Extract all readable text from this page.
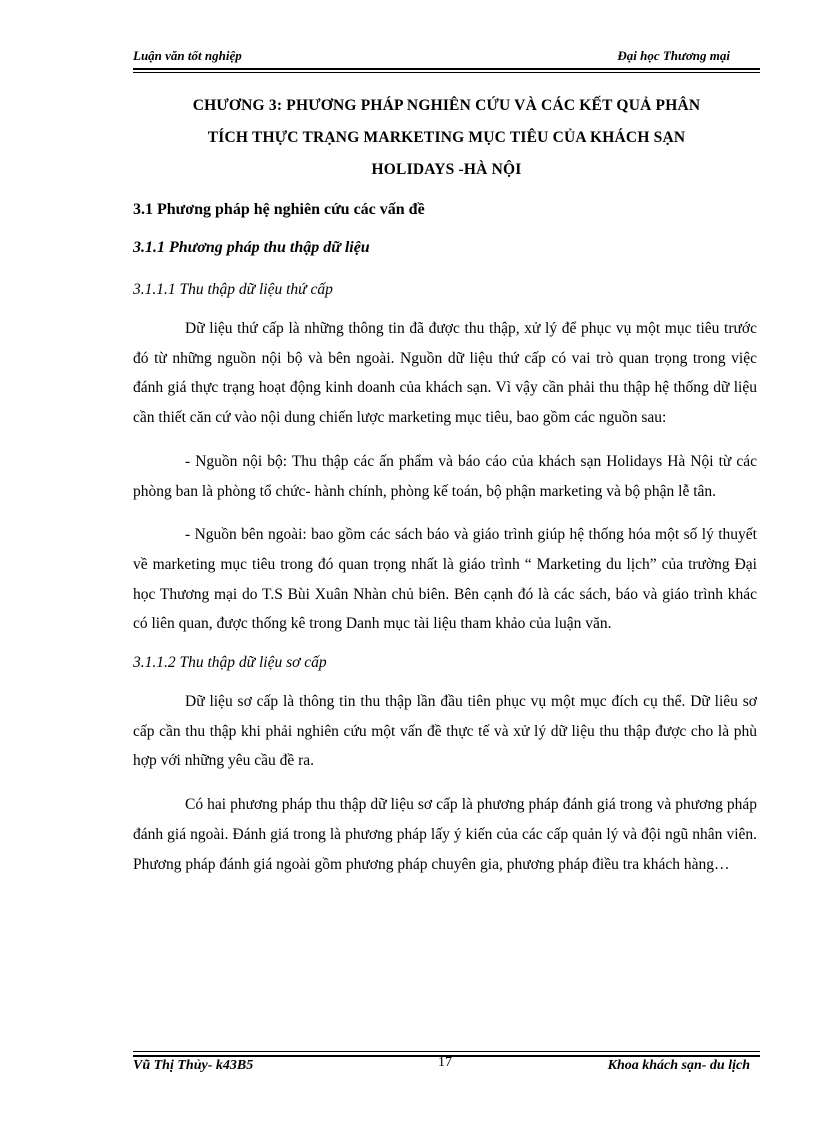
Luận văn tốt nghiệp	Đại học Thương mại
CHƯƠNG 3: PHƯƠNG PHÁP NGHIÊN CỨU VÀ CÁC KẾT QUẢ PHÂN
TÍCH THỰC TRẠNG MARKETING MỤC TIÊU CỦA KHÁCH SẠN
HOLIDAYS -HÀ NỘI
3.1 Phương pháp hệ nghiên cứu các vấn đề
3.1.1 Phương pháp thu thập dữ liệu
3.1.1.1 Thu thập dữ liệu thứ cấp

Dữ liệu thứ cấp là những thông tin đã được thu thập, xử lý để phục vụ một mục tiêu trước đó từ những nguồn nội bộ và bên ngoài. Nguồn dữ liệu thứ cấp có vai trò quan trọng trong việc đánh giá thực trạng hoạt động kinh doanh của khách sạn. Vì vậy cần phải thu thập hệ thống dữ liệu cần thiết căn cứ vào nội dung chiến lược marketing mục tiêu, bao gồm các nguồn sau:

- Nguồn nội bộ: Thu thập các ấn phẩm và báo cáo của khách sạn Holidays Hà Nội từ các phòng ban là phòng tổ chức- hành chính, phòng kế toán, bộ phận marketing và bộ phận lễ tân.

- Nguồn bên ngoài: bao gồm các sách báo và giáo trình giúp hệ thống hóa một số lý thuyết về marketing mục tiêu trong đó quan trọng nhất là giáo trình “ Marketing du lịch” của trường Đại học Thương mại do T.S Bùi Xuân Nhàn chủ biên. Bên cạnh đó là các sách, báo và giáo trình khác có liên quan, được thống kê trong Danh mục tài liệu tham khảo của luận văn.

3.1.1.2 Thu thập dữ liệu sơ cấp

Dữ liệu sơ cấp là thông tin thu thập lần đầu tiên phục vụ một mục đích cụ thể. Dữ liêu sơ cấp cần thu thập khi phải nghiên cứu một vấn đề thực tế và xử lý dữ liệu thu thập được cho là phù hợp với những yêu cầu đề ra.

Có hai phương pháp thu thập dữ liệu sơ cấp là phương pháp đánh giá trong và phương pháp đánh giá ngoài. Đánh giá trong là phương pháp lấy ý kiến của các cấp quản lý và đội ngũ nhân viên. Phương pháp đánh giá ngoài gồm phương pháp chuyên gia, phương pháp điều tra khách hàng…

Vũ Thị Thủy- k43B5	17	Khoa khách sạn- du lịch
